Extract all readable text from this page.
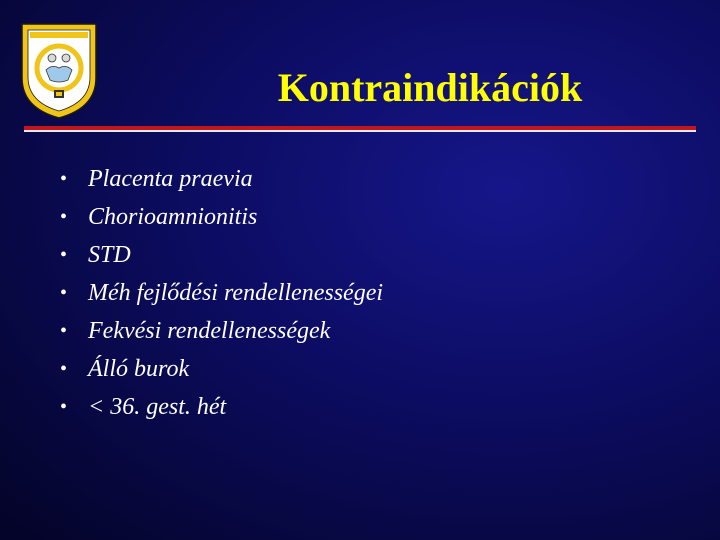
Kontraindikációk
• Placenta praevia
• Chorioamnionitis
• STD
• Méh fejlődési rendellenességei
• Fekvési rendellenességek
• Álló burok
• < 36. gest. hét
